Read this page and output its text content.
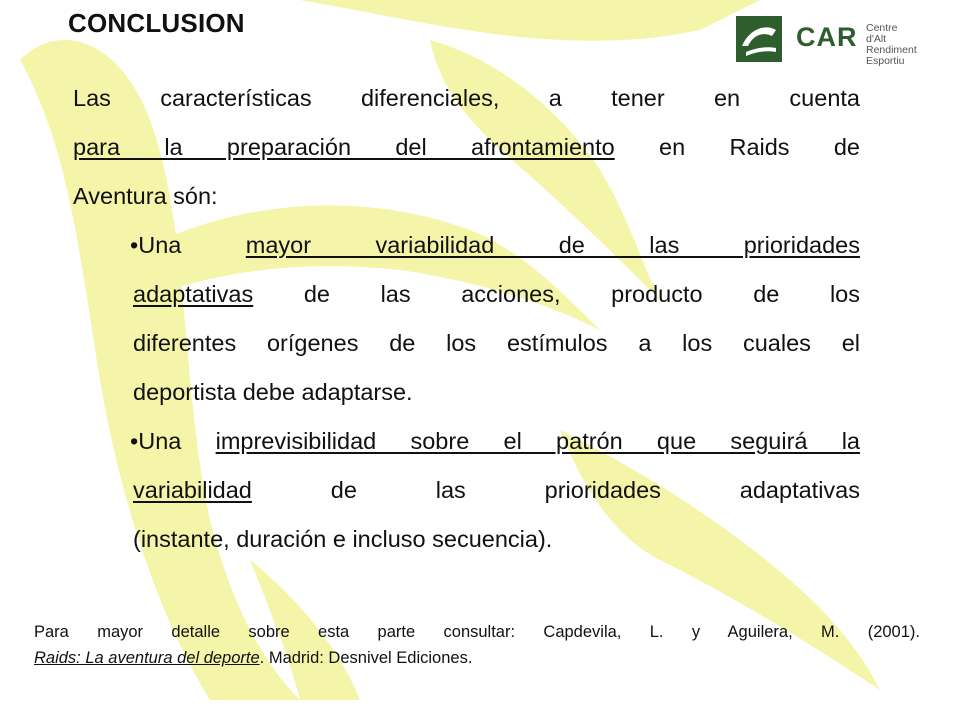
CONCLUSION	CAR Centre
d'Alt Rendiment
Esportiu
Las características diferenciales, a tener en cuenta
para la preparación del afrontamiento en Raids de
Aventura són:
•Una mayor variabilidad de las prioridades
adaptativas de las acciones, producto de los
diferentes orígenes de los estímulos a los cuales el
deportista debe adaptarse.
•Una imprevisibilidad sobre el patrón que seguirá la
variabilidad de las prioridades adaptativas
(instante, duración e incluso secuencia).
Para mayor detalle sobre esta parte consultar: Capdevila, L. y Aguilera, M. (2001).
Raids: La aventura del deporte. Madrid: Desnivel Ediciones.
